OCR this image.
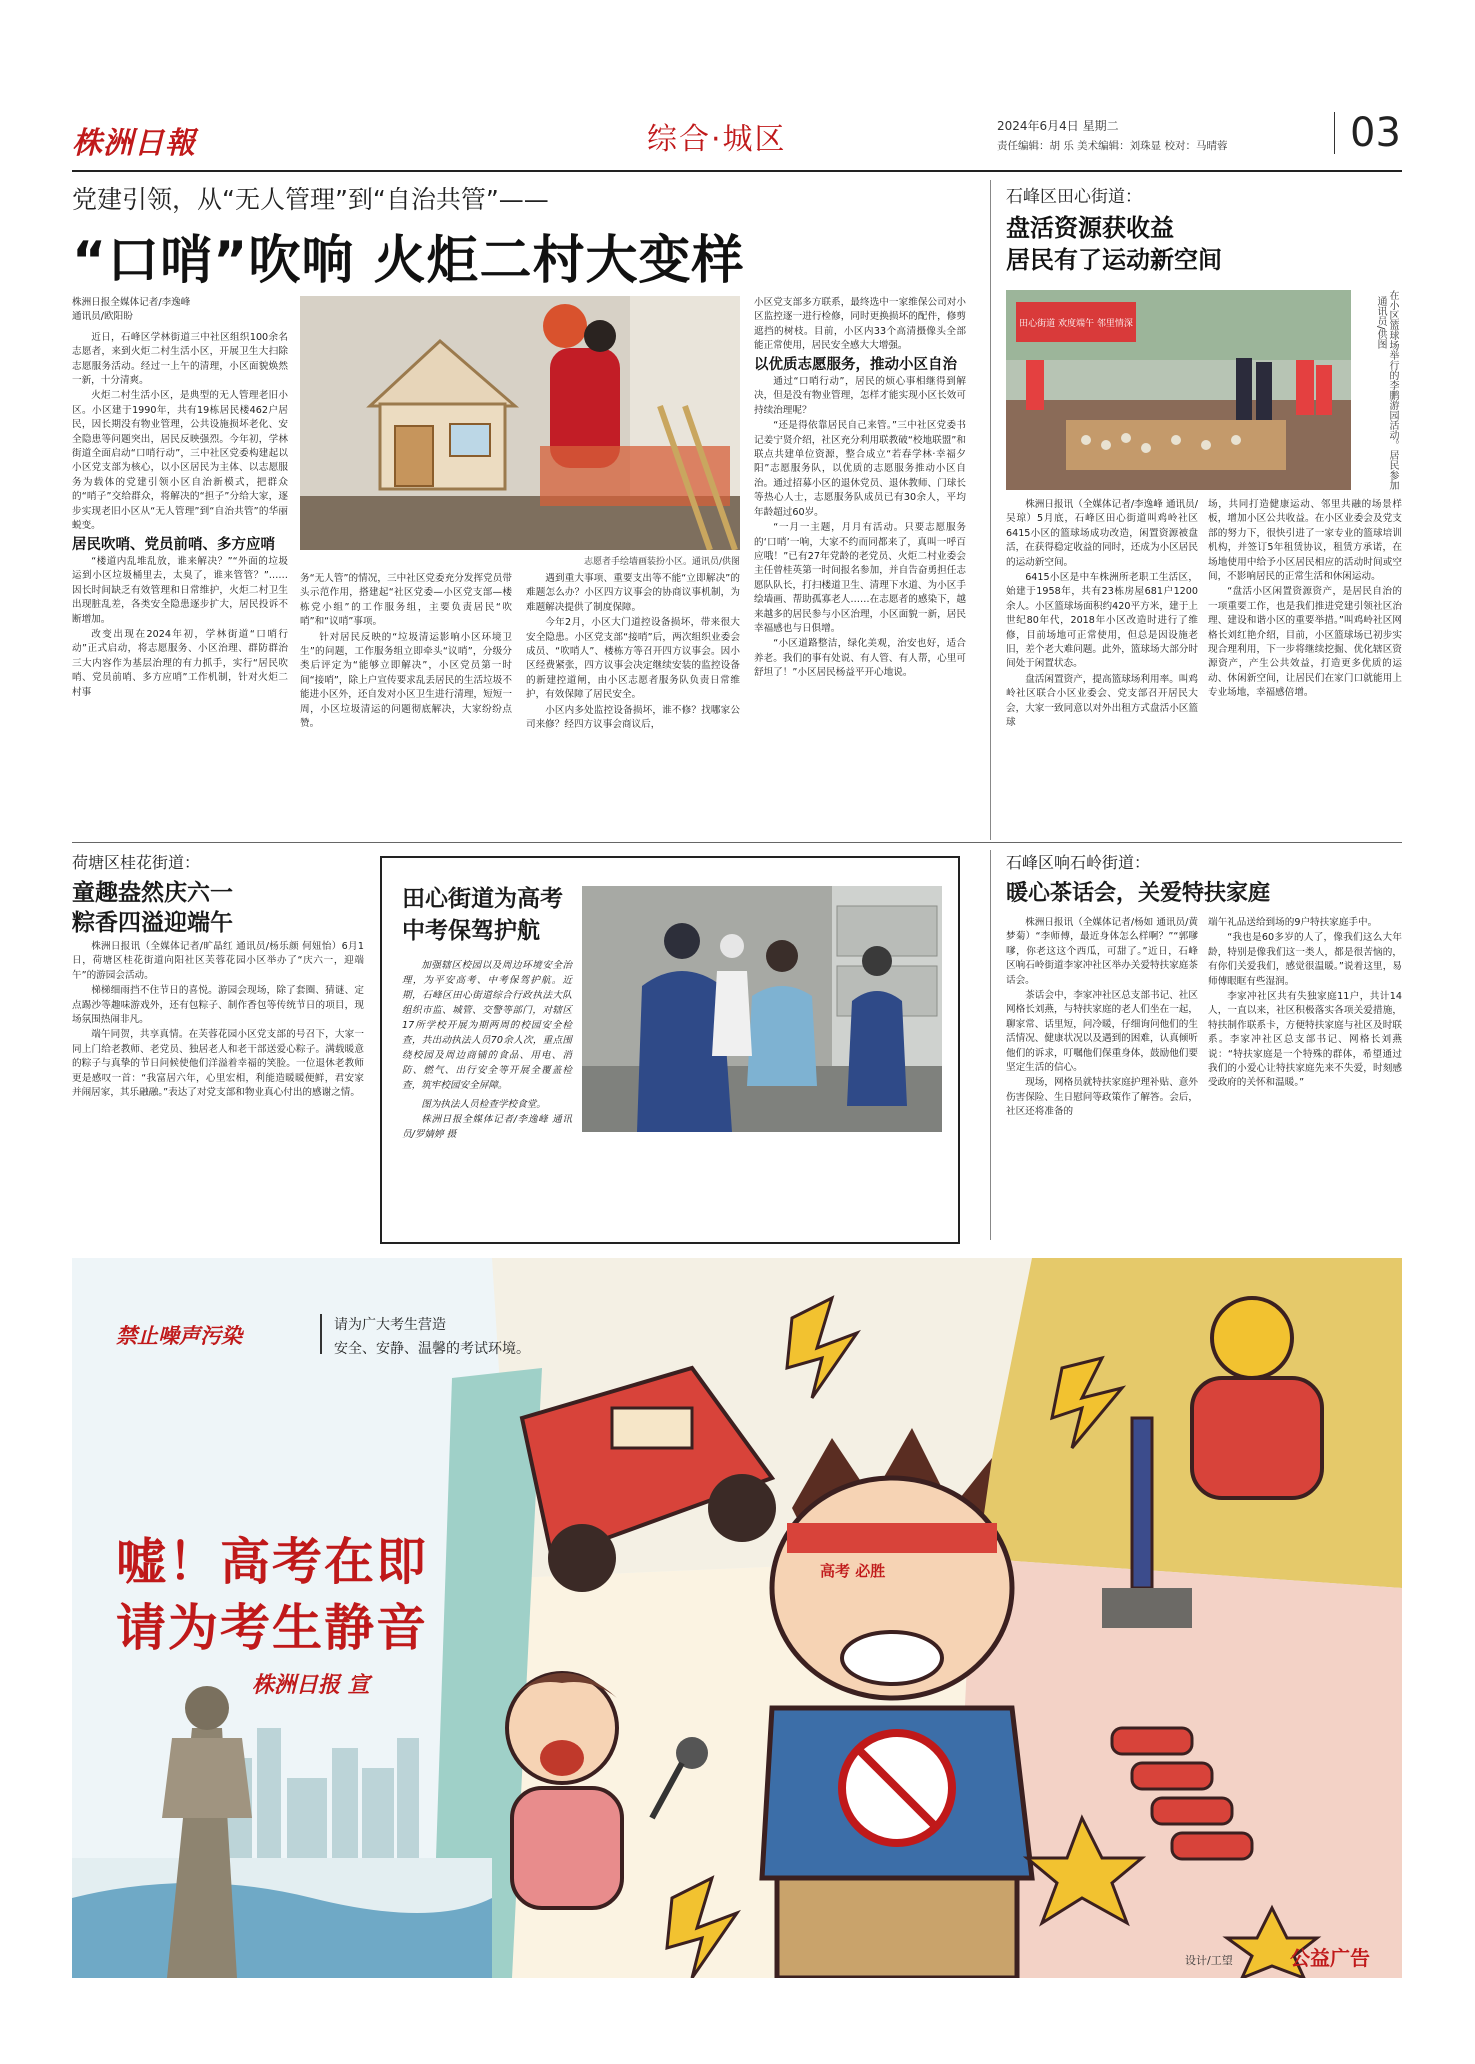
株洲日報	综合·城区	2024年6月4日 星期二
责任编辑：胡 乐 美术编辑：刘珠显 校对：马晴蓉	03
党建引领，从“无人管理”到“自治共管”——
“口哨”吹响 火炬二村大变样
株洲日报全媒体记者/李逸峰
通讯员/欧阳盼

近日，石峰区学林街道三中社区组织100余名志愿者，来到火炬二村生活小区，开展卫生大扫除志愿服务活动。经过一上午的清理，小区面貌焕然一新，十分清爽。

火炬二村生活小区，是典型的无人管理老旧小区。小区建于1990年，共有19栋居民楼462户居民，因长期没有物业管理，公共设施损坏老化、安全隐患等问题突出，居民反映强烈。今年初，学林街道全面启动“口哨行动”，三中社区党委构建起以小区党支部为核心，以小区居民为主体、以志愿服务为载体的党建引领小区自治新模式，把群众的“哨子”交给群众，将解决的“担子”分给大家，逐步实现老旧小区从“无人管理”到“自治共管”的华丽蜕变。

居民吹哨、党员前哨、多方应哨

“楼道内乱堆乱放，谁来解决？”“外面的垃圾运到小区垃圾桶里去，太臭了，谁来管管？”……因长时间缺乏有效管理和日常维护，火炬二村卫生出现脏乱差，各类安全隐患逐步扩大，居民投诉不断增加。

改变出现在2024年初，学林街道“口哨行动”正式启动，将志愿服务、小区治理、群防群治三大内容作为基层治理的有力抓手，实行“居民吹哨、党员前哨、多方应哨”工作机制，针对火炬二村事

志愿者手绘墙画装扮小区。通讯员/供图

务“无人管”的情况，三中社区党委充分发挥党员带头示范作用，搭建起“社区党委—小区党支部—楼栋党小组”的工作服务组，主要负责居民“吹哨”和“议哨”事项。

针对居民反映的“垃圾清运影响小区环境卫生”的问题，工作服务组立即牵头“议哨”，分级分类后评定为“能够立即解决”，小区党员第一时间“接哨”，除上户宣传要求乱丢居民的生活垃圾不能进小区外，还自发对小区卫生进行清理，短短一周，小区垃圾清运的问题彻底解决，大家纷纷点赞。

遇到重大事项、重要支出等不能“立即解决”的难题怎么办？小区四方议事会的协商议事机制，为难题解决提供了制度保障。

今年2月，小区大门道控设备损坏，带来很大安全隐患。小区党支部“接哨”后，两次组织业委会成员、“吹哨人”、楼栋方等召开四方议事会。因小区经费紧张，四方议事会决定继续安装的监控设备的新建控道闸，由小区志愿者服务队负责日常维护，有效保障了居民安全。

小区内多处监控设备损坏，谁不修？找哪家公司来修？经四方议事会商议后，

小区党支部多方联系，最终选中一家维保公司对小区监控逐一进行检修，同时更换损坏的配件，修剪遮挡的树枝。目前，小区内33个高清摄像头全部能正常使用，居民安全感大大增强。

以优质志愿服务，推动小区自治

通过“口哨行动”，居民的烦心事相继得到解决，但是没有物业管理，怎样才能实现小区长效可持续治理呢？

“还是得依靠居民自己来管。”三中社区党委书记姜宁贤介绍，社区充分利用联教破“校地联盟”和联点共建单位资源，整合成立“若春学林·幸福夕阳”志愿服务队，以优质的志愿服务推动小区自治。通过招募小区的退休党员、退休教师、门球长等热心人士，志愿服务队成员已有30余人，平均年龄超过60岁。

“一月一主题，月月有活动。只要志愿服务的‘口哨’一响，大家不约而同都来了，真叫一呼百应哦！”已有27年党龄的老党员、火炬二村业委会主任曾桂英第一时间报名参加，并自告奋勇担任志愿队队长，打扫楼道卫生、清理下水道、为小区手绘墙画、帮助孤寡老人……在志愿者的感染下，越来越多的居民参与小区治理，小区面貌一新，居民幸福感也与日俱增。

“小区道路整洁，绿化美观，治安也好，适合养老。我们的事有处说、有人管、有人帮，心里可舒坦了！”小区居民杨益平开心地说。

石峰区田心街道：
盘活资源获收益
居民有了运动新空间
田心街道 欢度端午 邻里情深	在小区篮球场举行的李鹏游园活动。居民参加 通讯员/供图

株洲日报讯（全媒体记者/李逸峰 通讯员/吴琼）5月底，石峰区田心街道叫鸡岭社区6415小区的篮球场成功改造，闲置资源被盘活，在获得稳定收益的同时，还成为小区居民的运动新空间。

6415小区是中车株洲所老职工生活区，始建于1958年，共有23栋房屋681户1200余人。小区篮球场面积约420平方米，建于上世纪80年代，2018年小区改造时进行了维修，目前场地可正常使用，但总是因设施老旧，差个老大难问题。此外，篮球场大部分时间处于闲置状态。

盘活闲置资产，提高篮球场利用率。叫鸡岭社区联合小区业委会、党支部召开居民大会，大家一致同意以对外出租方式盘活小区篮球

场，共同打造健康运动、邻里共融的场景样板，增加小区公共收益。在小区业委会及党支部的努力下，很快引进了一家专业的篮球培训机构，并签订5年租赁协议，租赁方承诺，在场地使用中给予小区居民相应的活动时间或空间，不影响居民的正常生活和休闲运动。

“盘活小区闲置资源资产，是居民自治的一项重要工作，也是我们推进党建引领社区治理、建设和谐小区的重要举措。”叫鸡岭社区网格长刘红艳介绍，目前，小区篮球场已初步实现合理利用，下一步将继续挖掘、优化辖区资源资产，产生公共效益，打造更多优质的运动、休闲新空间，让居民们在家门口就能用上专业场地，幸福感倍增。

荷塘区桂花街道：
童趣盎然庆六一
粽香四溢迎端午

株洲日报讯（全媒体记者/旷晶红 通讯员/杨乐颜 何妞怡）6月1日，荷塘区桂花街道向阳社区芙蓉花园小区举办了“庆六一，迎端午”的游园会活动。

梯梯细雨挡不住节日的喜悦。游园会现场，除了套圈、猜谜、定点踢沙等趣味游戏外，还有包粽子、制作香包等传统节日的项目，现场氛围热闹非凡。

端午同贺，共享真情。在芙蓉花园小区党支部的号召下，大家一同上门给老教师、老党员、独居老人和老干部送爱心粽子。满载暖意的粽子与真挚的节日问候使他们洋溢着幸福的笑脸。一位退休老教师更是感叹一首：“我富居六年，心里宏相，利能造暖暖便鲜，君安家并闹居家，其乐融融。”表达了对党支部和物业真心付出的感谢之情。

田心街道为高考
中考保驾护航

加强辖区校园以及周边环境安全治理，为平安高考、中考保驾护航。近期，石峰区田心街道综合行政执法大队组织市监、城管、交警等部门，对辖区17所学校开展为期两周的校园安全检查，共出动执法人员70余人次，重点围绕校园及周边商铺的食品、用电、消防、燃气、出行安全等开展全覆盖检查，筑牢校园安全屏障。

图为执法人员检查学校食堂。

株洲日报全媒体记者/李逸峰 通讯员/罗婧婷 摄

石峰区响石岭街道：
暖心茶话会，关爱特扶家庭

株洲日报讯（全媒体记者/杨如 通讯员/黄梦菊）“李师傅，最近身体怎么样啊？”“郭嗲嗲，你老这这个西瓜，可甜了。”近日，石峰区响石岭街道李家冲社区举办关爱特扶家庭茶话会。

茶话会中，李家冲社区总支部书记、社区网格长刘燕，与特扶家庭的老人们坐在一起，聊家常、话里短，问冷暖，仔细询问他们的生活情况、健康状况以及遇到的困难，认真倾听他们的诉求，叮嘱他们保重身体，鼓励他们要坚定生活的信心。

现场，网格员就特扶家庭护理补贴、意外伤害保险、生日慰问等政策作了解答。会后，社区还将准备的

端午礼品送给到场的9户特扶家庭手中。

“我也是60多岁的人了，像我们这么大年龄，特别是像我们这一类人，都是很苦恼的，有你们关爱我们，感觉很温暖。”说着这里，易师傅眼眶有些湿润。

李家冲社区共有失独家庭11户，共计14人，一直以来，社区积极落实各项关爱措施，特扶制作联系卡，方便特扶家庭与社区及时联系。李家冲社区总支部书记、网格长刘燕说：“特扶家庭是一个特殊的群体，希望通过我们的小爱心让特扶家庭先来不失爱，时刻感受政府的关怀和温暖。”

禁止噪声污染	请为广大考生营造
安全、安静、温馨的考试环境。
嘘！高考在即
请为考生静音
株洲日报 宣
高考 必胜
设计/工望	公益广告
